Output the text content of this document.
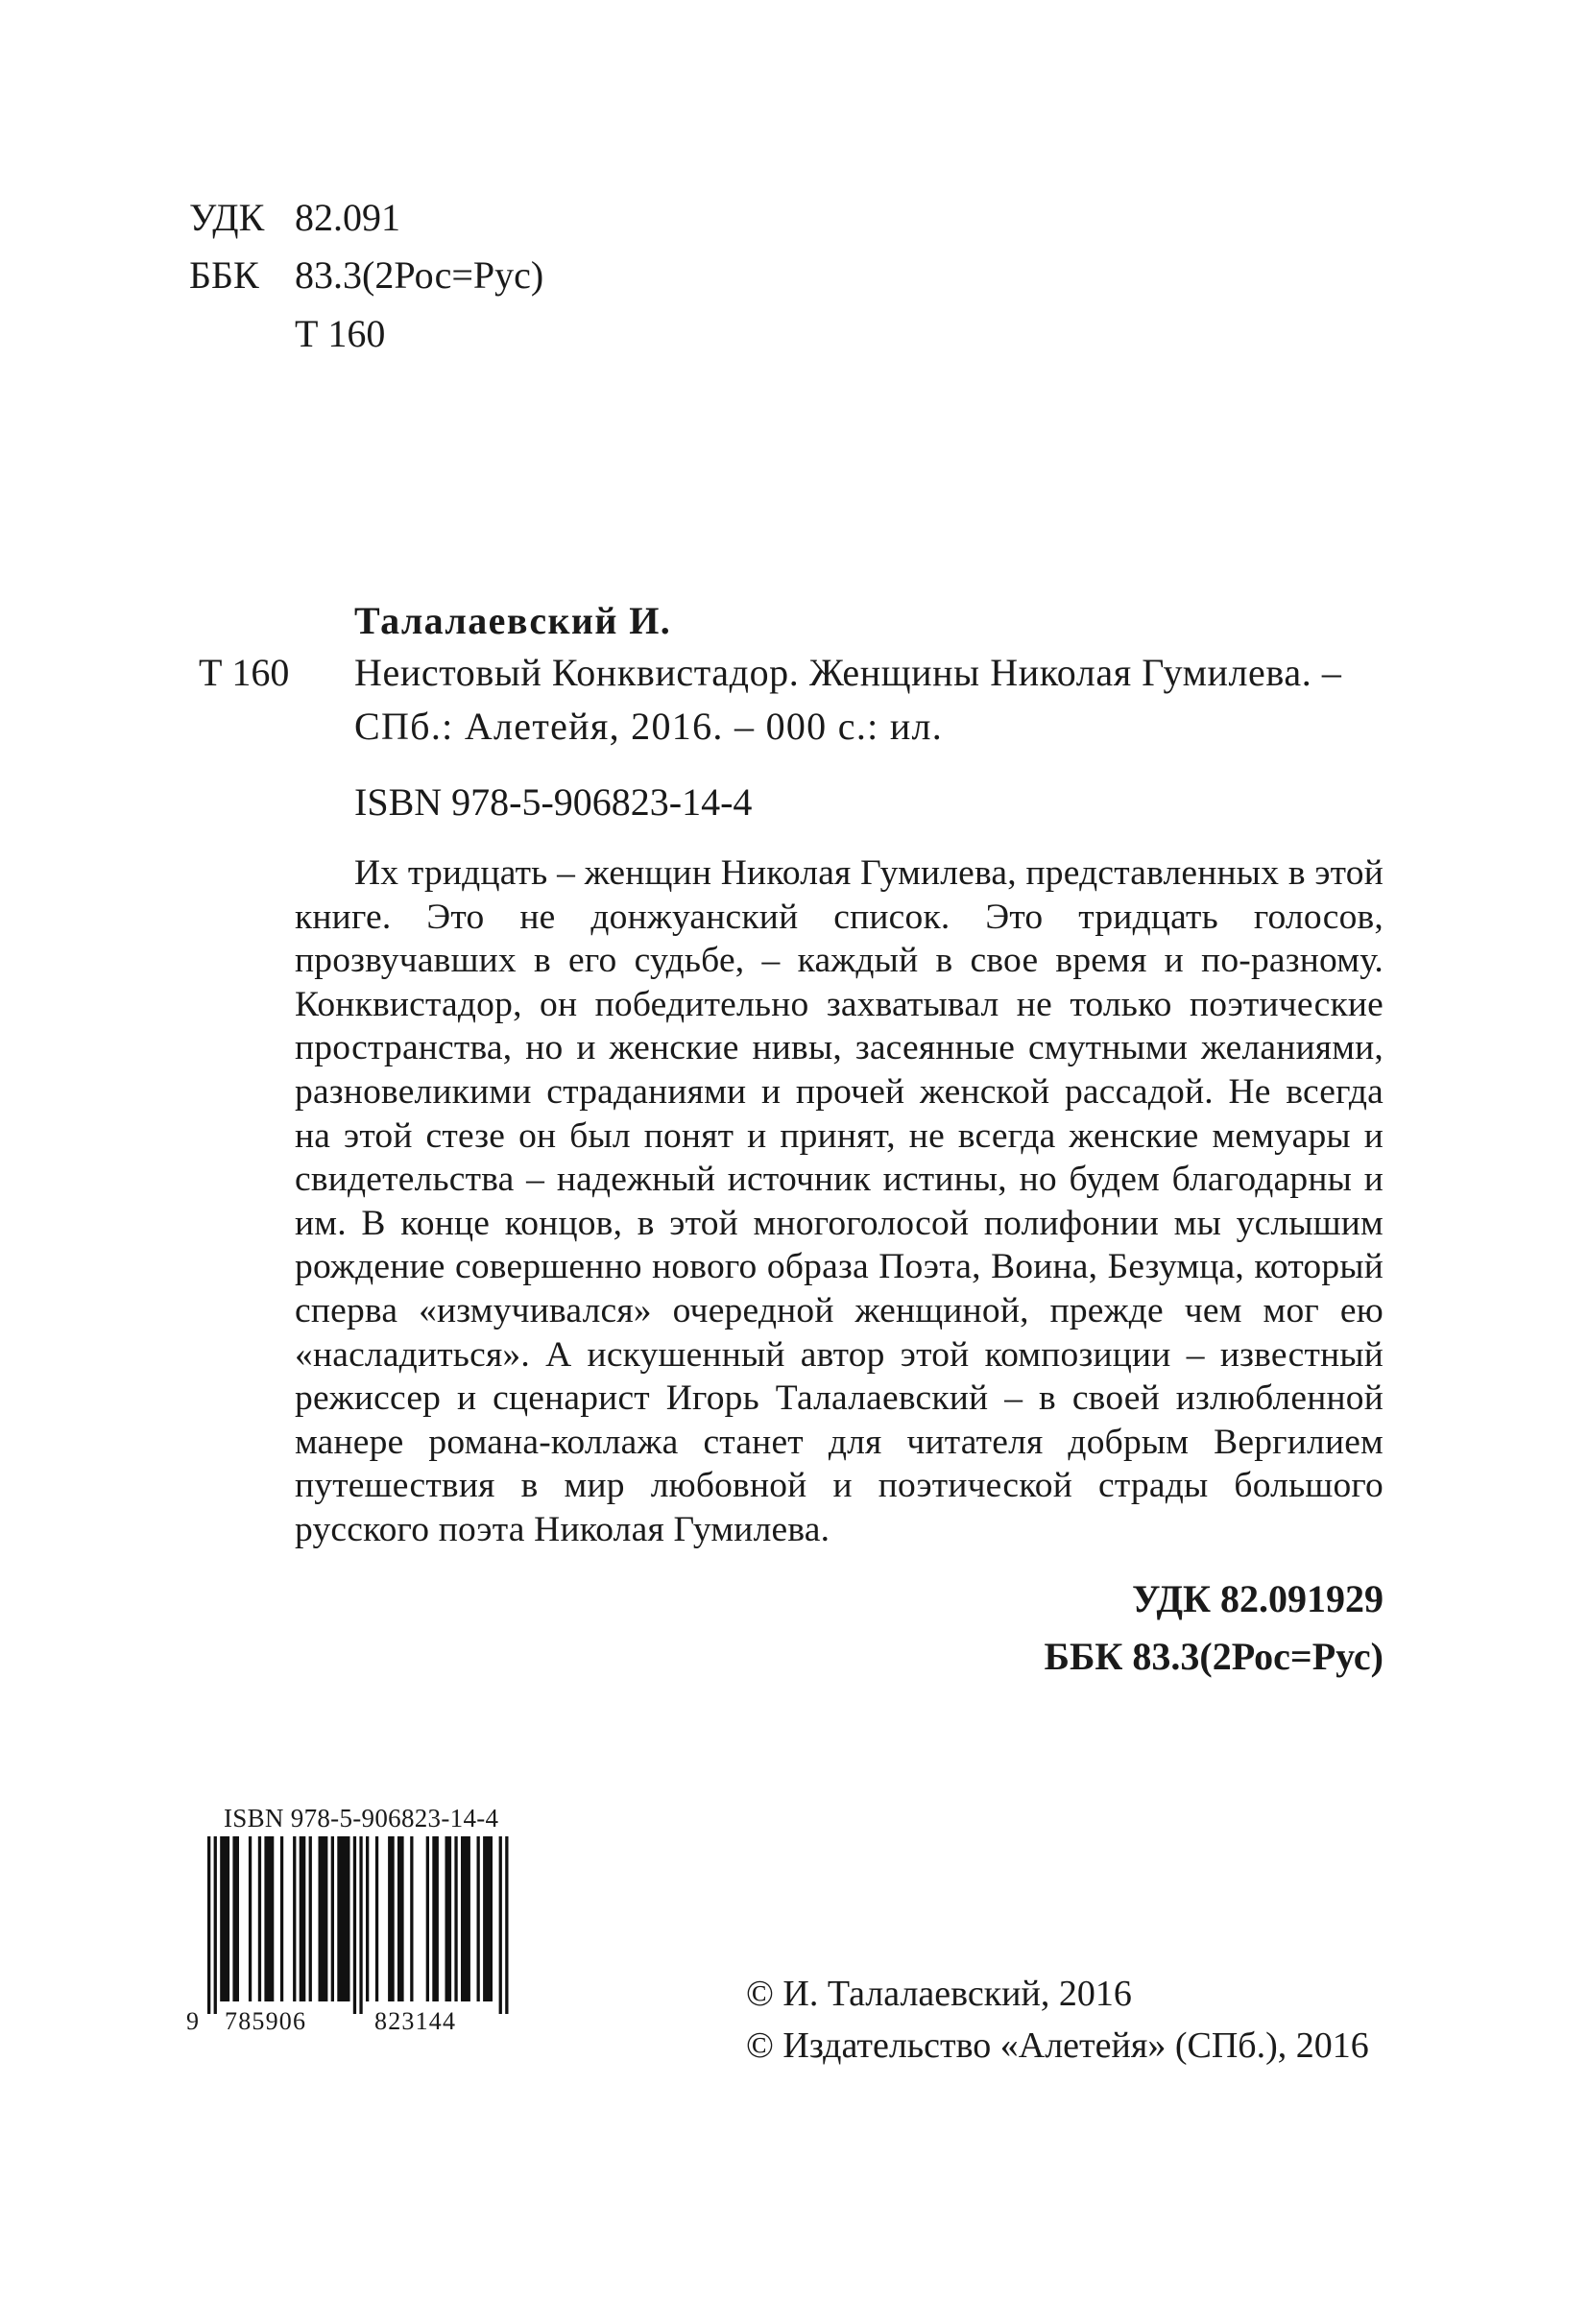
УДК 82.091
ББК 83.3(2Рос=Рус)
Т 160
Талалаевский И.
Т 160 Неистовый Конквистадор. Женщины Николая Гумилева. –
СПб.: Алетейя, 2016. – 000 с.: ил.
ISBN 978-5-906823-14-4

Их тридцать – женщин Николая Гумилева, представленных в этой книге. Это не донжуанский список. Это тридцать голосов, прозвучавших в его судьбе, – каждый в свое время и по-разному. Конквистадор, он победительно захватывал не только поэтические пространства, но и женские нивы, засеянные смутными желаниями, разновеликими страданиями и прочей женской рассадой. Не всегда на этой стезе он был понят и принят, не всегда женские мемуары и свидетельства – надежный источник истины, но будем благодарны и им. В конце концов, в этой многоголосой полифонии мы услышим рождение совершенно нового образа Поэта, Воина, Безумца, который сперва «измучивался» очередной женщиной, прежде чем мог ею «насладиться». А искушенный автор этой композиции – известный режиссер и сценарист Игорь Талалаевский – в своей излюбленной манере романа-коллажа станет для читателя добрым Вергилием путешествия в мир любовной и поэтической страды большого русского поэта Николая Гумилева.

УДК 82.091929
ББК 83.3(2Рос=Рус)
ISBN 978-5-906823-14-4
9 785906	823144
© И. Талалаевский, 2016
© Издательство «Алетейя» (СПб.), 2016
